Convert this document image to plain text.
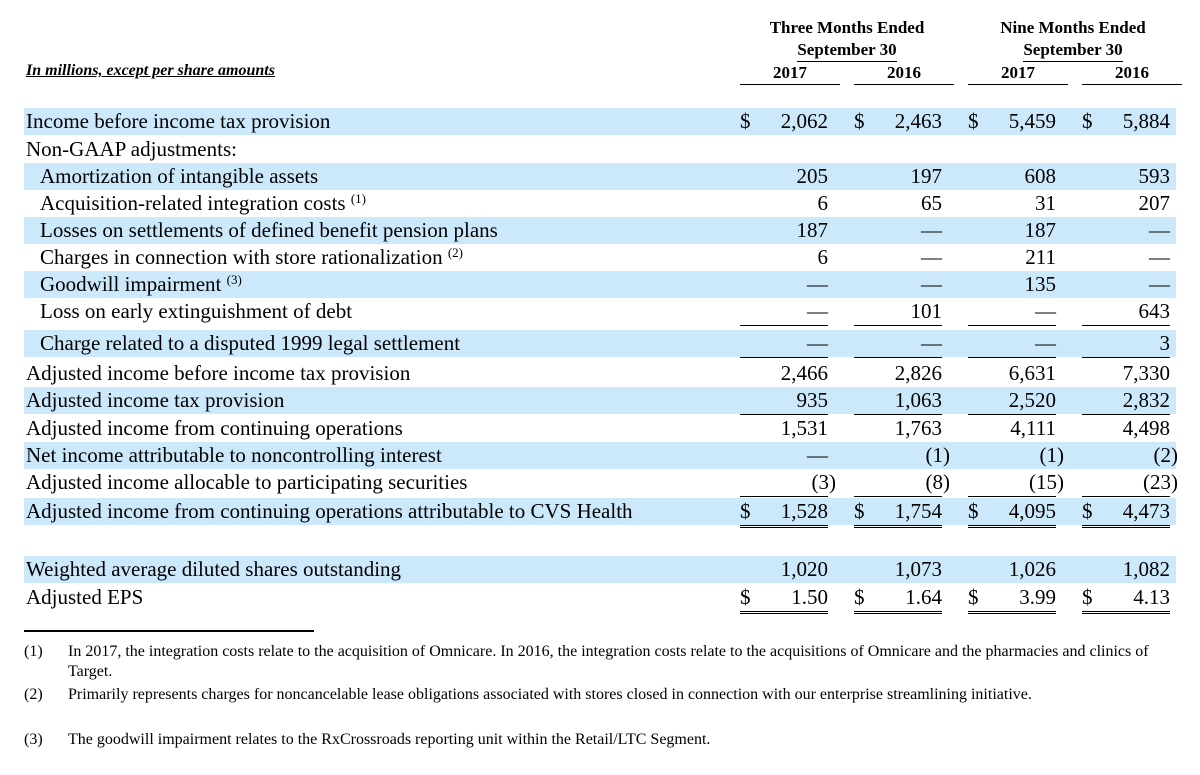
In millions, except per share amounts
Three Months Ended
September 30
Nine Months Ended
September 30
2017	2016	2017	2016
Income before income tax provision	$ 2,062 $ 2,463 $ 5,459 $ 5,884
Non-GAAP adjustments:
Amortization of intangible assets	205	197	608	593
Acquisition-related integration costs $^{(1)}$	6	65	31	207
Losses on settlements of defined benefit pension plans	187	—	187	—
Charges in connection with store rationalization $^{(2)}$	6	—	211	—
Goodwill impairment $^{(3)}$	—	—	135	—
Loss on early extinguishment of debt	—	101	—	643
Charge related to a disputed 1999 legal settlement	—	—	—	3
Adjusted income before income tax provision	2,466	2,826	6,631	7,330
Adjusted income tax provision	935	1,063	2,520	2,832
Adjusted income from continuing operations	1,531	1,763	4,111	4,498
Net income attributable to noncontrolling interest	—	(1)	(1)	(2)
Adjusted income allocable to participating securities	(3)	(8)	(15)	(23)
Adjusted income from continuing operations attributable to CVS Health	$ 1,528 $ 1,754 $ 4,095 $ 4,473
Weighted average diluted shares outstanding	1,020	1,073	1,026	1,082
Adjusted EPS	$ 1.50 $ 1.64 $ 3.99 $ 4.13
(1) In 2017, the integration costs relate to the acquisition of Omnicare. In 2016, the integration costs relate to the acquisitions of Omnicare and the pharmacies and clinics of Target.
(2) Primarily represents charges for noncancelable lease obligations associated with stores closed in connection with our enterprise streamlining initiative.
(3) The goodwill impairment relates to the RxCrossroads reporting unit within the Retail/LTC Segment.
